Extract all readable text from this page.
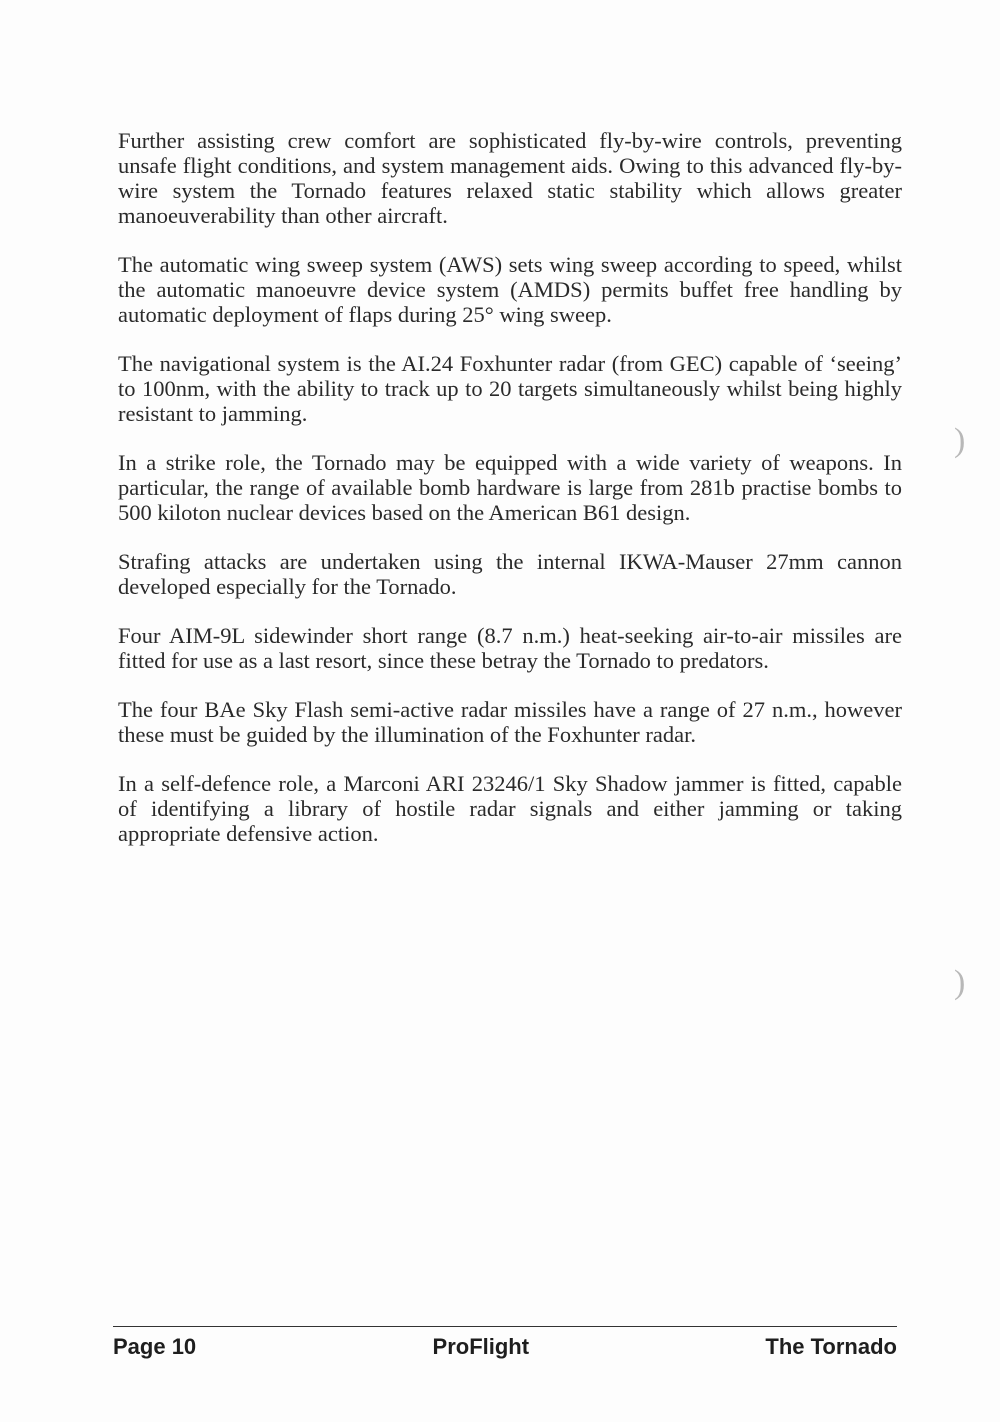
Further assisting crew comfort are sophisticated fly-by-wire controls, preventing unsafe flight conditions, and system management aids. Owing to this advanced fly-by-wire system the Tornado features relaxed static stability which allows greater manoeuverability than other aircraft.

The automatic wing sweep system (AWS) sets wing sweep according to speed, whilst the automatic manoeuvre device system (AMDS) permits buffet free handling by automatic deployment of flaps during 25° wing sweep.

The navigational system is the AI.24 Foxhunter radar (from GEC) capable of ‘seeing’ to 100nm, with the ability to track up to 20 targets simultaneously whilst being highly resistant to jamming.

In a strike role, the Tornado may be equipped with a wide variety of weapons. In particular, the range of available bomb hardware is large from 281b practise bombs to 500 kiloton nuclear devices based on the American B61 design.

Strafing attacks are undertaken using the internal IKWA-Mauser 27mm cannon developed especially for the Tornado.

Four AIM-9L sidewinder short range (8.7 n.m.) heat-seeking air-to-air missiles are fitted for use as a last resort, since these betray the Tornado to predators.

The four BAe Sky Flash semi-active radar missiles have a range of 27 n.m., however these must be guided by the illumination of the Foxhunter radar.

In a self-defence role, a Marconi ARI 23246/1 Sky Shadow jammer is fitted, capable of identifying a library of hostile radar signals and either jamming or taking appropriate defensive action.

)
)
Page 10	ProFlight	The Tornado
